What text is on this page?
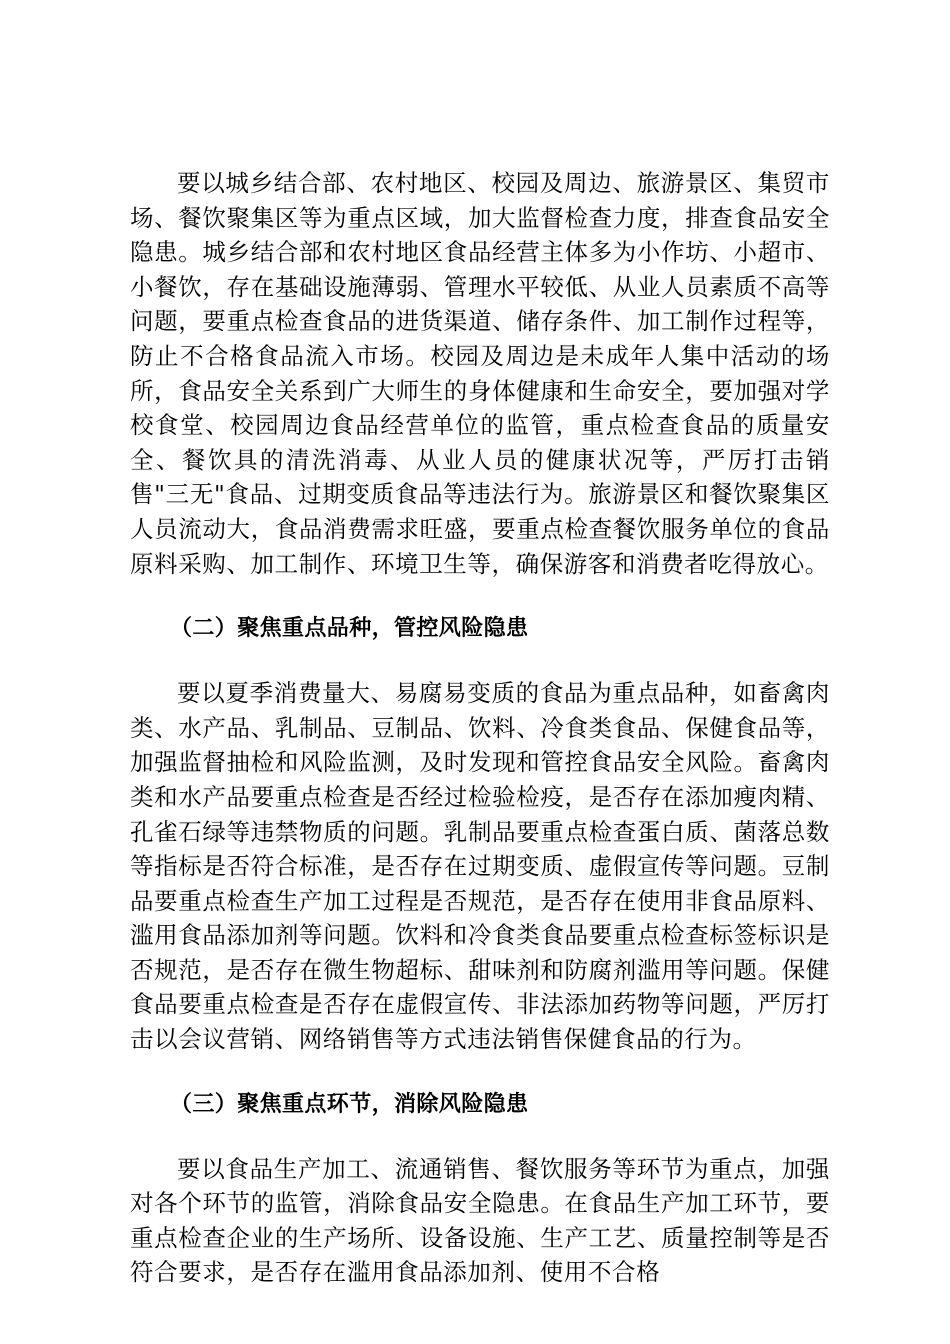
要以城乡结合部、农村地区、校园及周边、旅游景区、集贸市场、餐饮聚集区等为重点区域，加大监督检查力度，排查食品安全隐患。城乡结合部和农村地区食品经营主体多为小作坊、小超市、小餐饮，存在基础设施薄弱、管理水平较低、从业人员素质不高等问题，要重点检查食品的进货渠道、储存条件、加工制作过程等，防止不合格食品流入市场。校园及周边是未成年人集中活动的场所，食品安全关系到广大师生的身体健康和生命安全，要加强对学校食堂、校园周边食品经营单位的监管，重点检查食品的质量安全、餐饮具的清洗消毒、从业人员的健康状况等，严厉打击销售"三无"食品、过期变质食品等违法行为。旅游景区和餐饮聚集区人员流动大，食品消费需求旺盛，要重点检查餐饮服务单位的食品原料采购、加工制作、环境卫生等，确保游客和消费者吃得放心。

（二）聚焦重点品种，管控风险隐患

要以夏季消费量大、易腐易变质的食品为重点品种，如畜禽肉类、水产品、乳制品、豆制品、饮料、冷食类食品、保健食品等，加强监督抽检和风险监测，及时发现和管控食品安全风险。畜禽肉类和水产品要重点检查是否经过检验检疫，是否存在添加瘦肉精、孔雀石绿等违禁物质的问题。乳制品要重点检查蛋白质、菌落总数等指标是否符合标准，是否存在过期变质、虚假宣传等问题。豆制品要重点检查生产加工过程是否规范，是否存在使用非食品原料、滥用食品添加剂等问题。饮料和冷食类食品要重点检查标签标识是否规范，是否存在微生物超标、甜味剂和防腐剂滥用等问题。保健食品要重点检查是否存在虚假宣传、非法添加药物等问题，严厉打击以会议营销、网络销售等方式违法销售保健食品的行为。

（三）聚焦重点环节，消除风险隐患

要以食品生产加工、流通销售、餐饮服务等环节为重点，加强对各个环节的监管，消除食品安全隐患。在食品生产加工环节，要重点检查企业的生产场所、设备设施、生产工艺、质量控制等是否符合要求，是否存在滥用食品添加剂、使用不合格
